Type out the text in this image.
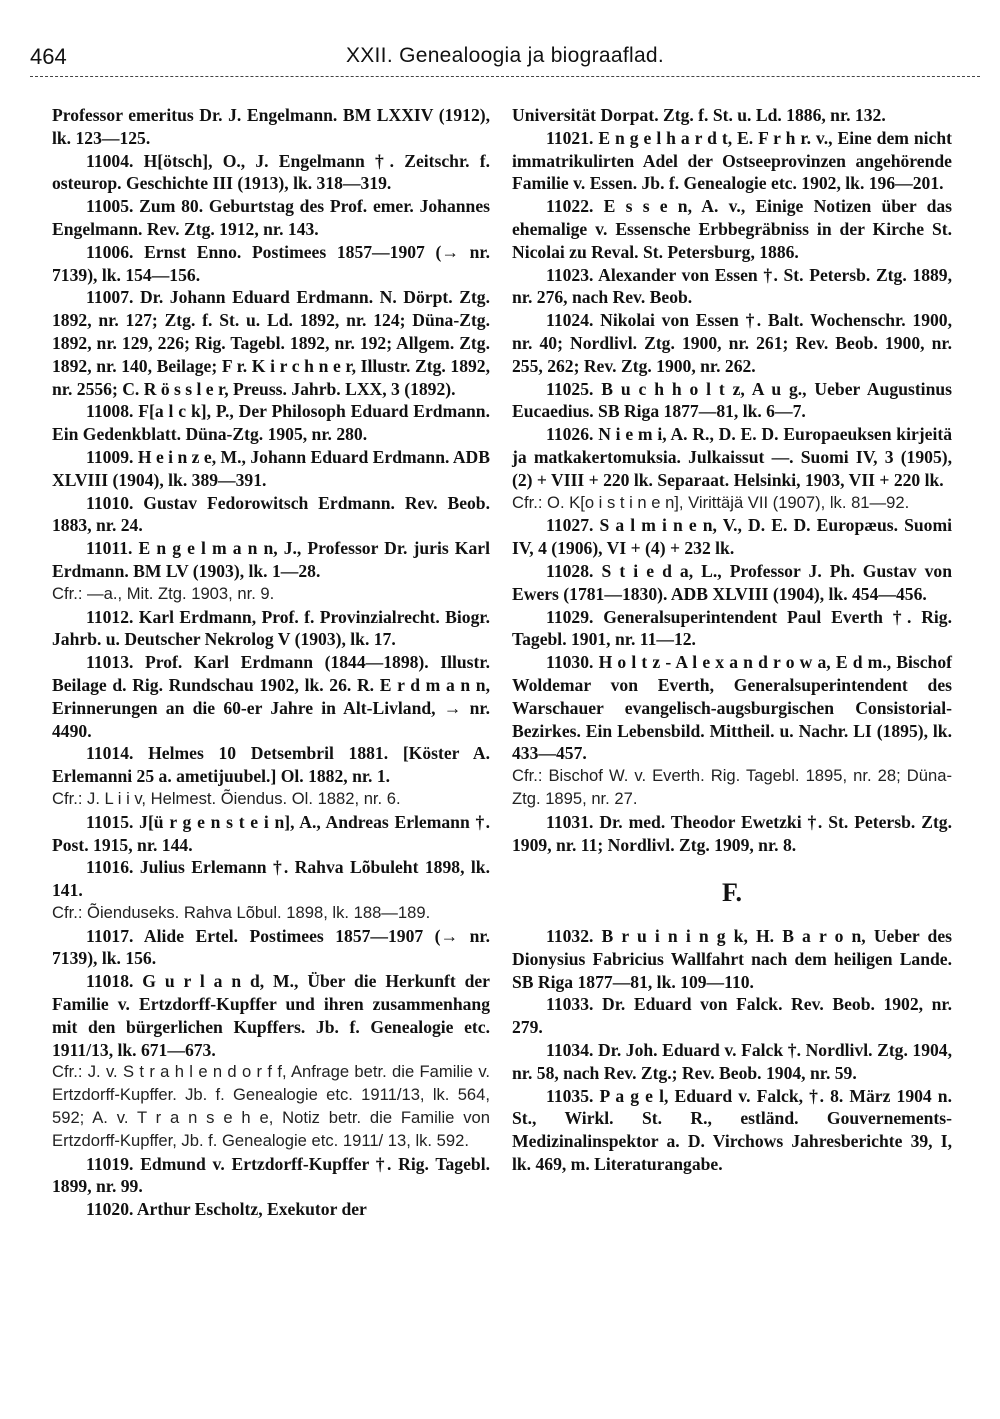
464	XXII. Genealoogia ja biograaflad.

Professor emeritus Dr. J. Engelmann. BM LXXIV (1912), lk. 123—125.

11004. H[ötsch], O., J. Engelmann †. Zeitschr. f. osteurop. Geschichte III (1913), lk. 318—319.

11005. Zum 80. Geburtstag des Prof. emer. Johannes Engelmann. Rev. Ztg. 1912, nr. 143.

11006. Ernst Enno. Postimees 1857—1907 (→ nr. 7139), lk. 154—156.

11007. Dr. Johann Eduard Erdmann. N. Dörpt. Ztg. 1892, nr. 127; Ztg. f. St. u. Ld. 1892, nr. 124; Düna-Ztg. 1892, nr. 129, 226; Rig. Tagebl. 1892, nr. 192; Allgem. Ztg. 1892, nr. 140, Beilage; F r. K i r c h n e r, Illustr. Ztg. 1892, nr. 2556; C. R ö s s l e r, Preuss. Jahrb. LXX, 3 (1892).

11008. F[a l c k], P., Der Philosoph Eduard Erdmann. Ein Gedenkblatt. Düna-Ztg. 1905, nr. 280.

11009. H e i n z e, M., Johann Eduard Erdmann. ADB XLVIII (1904), lk. 389—391.

11010. Gustav Fedorowitsch Erdmann. Rev. Beob. 1883, nr. 24.

11011. E n g e l m a n n, J., Professor Dr. juris Karl Erdmann. BM LV (1903), lk. 1—28.

Cfr.: —a., Mit. Ztg. 1903, nr. 9.

11012. Karl Erdmann, Prof. f. Provinzialrecht. Biogr. Jahrb. u. Deutscher Nekrolog V (1903), lk. 17.

11013. Prof. Karl Erdmann (1844—1898). Illustr. Beilage d. Rig. Rundschau 1902, lk. 26. R. E r d m a n n, Erinnerungen an die 60-er Jahre in Alt-Livland, → nr. 4490.

11014. Helmes 10 Detsembril 1881. [Köster A. Erlemanni 25 a. ametijuubel.] Ol. 1882, nr. 1.

Cfr.: J. L i i v, Helmest. Õiendus. Ol. 1882, nr. 6.

11015. J[ü r g e n s t e i n], A., Andreas Erlemann †. Post. 1915, nr. 144.

11016. Julius Erlemann †. Rahva Lõbuleht 1898, lk. 141.

Cfr.: Õienduseks. Rahva Lõbul. 1898, lk. 188—189.

11017. Alide Ertel. Postimees 1857—1907 (→ nr. 7139), lk. 156.

11018. G u r l a n d, M., Über die Herkunft der Familie v. Ertzdorff-Kupffer und ihren zusammenhang mit den bürgerlichen Kupffers. Jb. f. Genealogie etc. 1911/13, lk. 671—673.

Cfr.: J. v. S t r a h l e n d o r f f, Anfrage betr. die Familie v. Ertzdorff-Kupffer. Jb. f. Genealogie etc. 1911/13, lk. 564, 592; A. v. T r a n s e h e, Notiz betr. die Familie von Ertzdorff-Kupffer, Jb. f. Genealogie etc. 1911/ 13, lk. 592.

11019. Edmund v. Ertzdorff-Kupffer †. Rig. Tagebl. 1899, nr. 99.

11020. Arthur Escholtz, Exekutor der

Universität Dorpat. Ztg. f. St. u. Ld. 1886, nr. 132.

11021. E n g e l h a r d t, E. F r h r. v., Eine dem nicht immatrikulirten Adel der Ostseeprovinzen angehörende Familie v. Essen. Jb. f. Genealogie etc. 1902, lk. 196—201.

11022. E s s e n, A. v., Einige Notizen über das ehemalige v. Essensche Erbbegräbniss in der Kirche St. Nicolai zu Reval. St. Petersburg, 1886.

11023. Alexander von Essen †. St. Petersb. Ztg. 1889, nr. 276, nach Rev. Beob.

11024. Nikolai von Essen †. Balt. Wochenschr. 1900, nr. 40; Nordlivl. Ztg. 1900, nr. 261; Rev. Beob. 1900, nr. 255, 262; Rev. Ztg. 1900, nr. 262.

11025. B u c h h o l t z, A u g., Ueber Augustinus Eucaedius. SB Riga 1877—81, lk. 6—7.

11026. N i e m i, A. R., D. E. D. Europaeuksen kirjeitä ja matkakertomuksia. Julkaissut —. Suomi IV, 3 (1905), (2) + VIII + 220 lk. Separaat. Helsinki, 1903, VII + 220 lk.

Cfr.: O. K[o i s t i n e n], Virittäjä VII (1907), lk. 81—92.

11027. S a l m i n e n, V., D. E. D. Europæus. Suomi IV, 4 (1906), VI + (4) + 232 lk.

11028. S t i e d a, L., Professor J. Ph. Gustav von Ewers (1781—1830). ADB XLVIII (1904), lk. 454—456.

11029. Generalsuperintendent Paul Everth †. Rig. Tagebl. 1901, nr. 11—12.

11030. H o l t z - A l e x a n d r o w a, E d m., Bischof Woldemar von Everth, Generalsuperintendent des Warschauer evangelisch-augsburgischen Consistorial-Bezirkes. Ein Lebensbild. Mittheil. u. Nachr. LI (1895), lk. 433—457.

Cfr.: Bischof W. v. Everth. Rig. Tagebl. 1895, nr. 28; Düna-Ztg. 1895, nr. 27.

11031. Dr. med. Theodor Ewetzki †. St. Petersb. Ztg. 1909, nr. 11; Nordlivl. Ztg. 1909, nr. 8.

F.

11032. B r u i n i n g k, H. B a r o n, Ueber des Dionysius Fabricius Wallfahrt nach dem heiligen Lande. SB Riga 1877—81, lk. 109—110.

11033. Dr. Eduard von Falck. Rev. Beob. 1902, nr. 279.

11034. Dr. Joh. Eduard v. Falck †. Nordlivl. Ztg. 1904, nr. 58, nach Rev. Ztg.; Rev. Beob. 1904, nr. 59.

11035. P a g e l, Eduard v. Falck, †. 8. März 1904 n. St., Wirkl. St. R., estländ. Gouvernements-Medizinalinspektor a. D. Virchows Jahresberichte 39, I, lk. 469, m. Literaturangabe.
